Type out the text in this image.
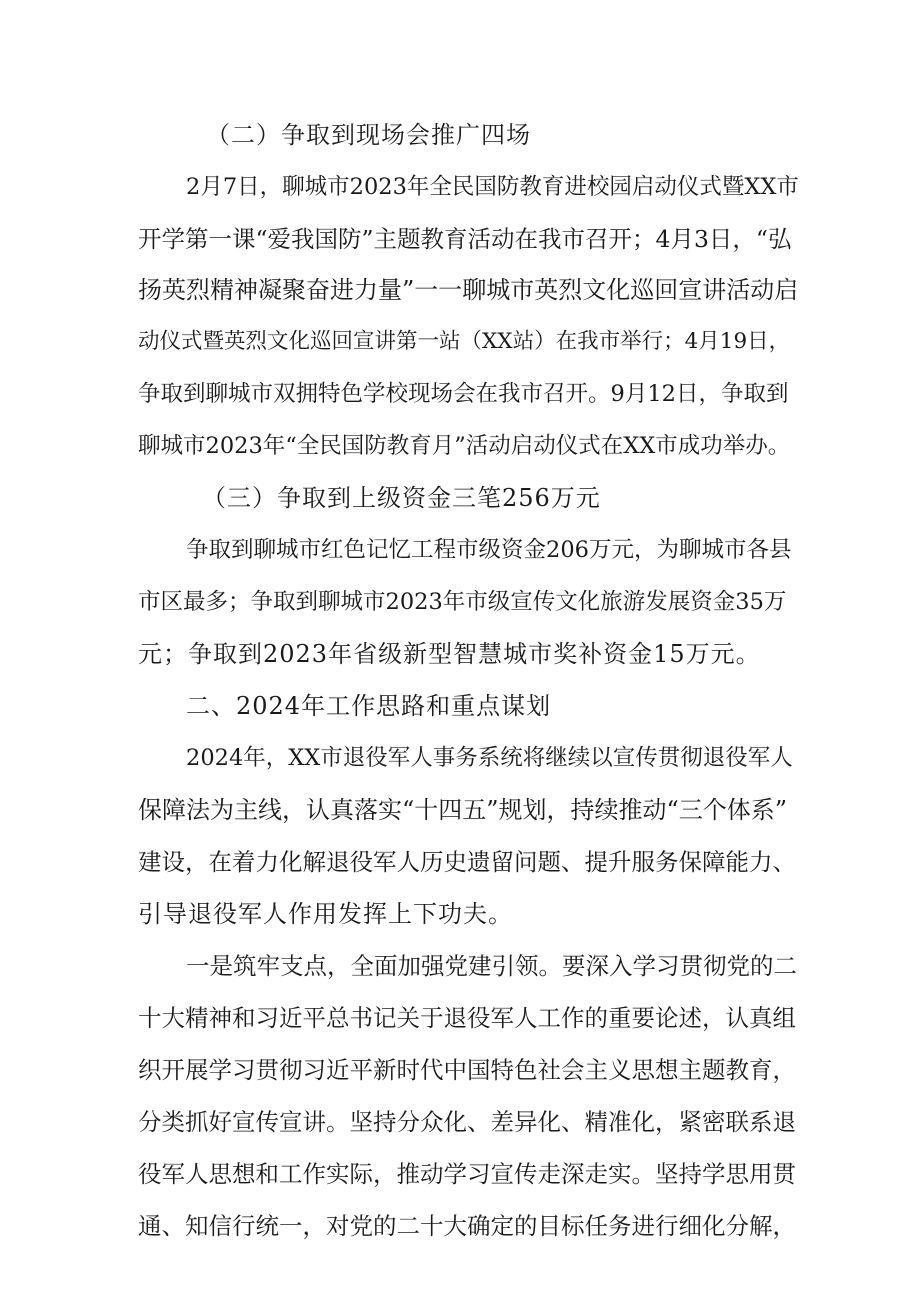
（二）争取到现场会推广四场

2月7日，聊城市2023年全民国防教育进校园启动仪式暨XX市

开学第一课“爱我国防”主题教育活动在我市召开；4月3日，“弘

扬英烈精神凝聚奋进力量”一一聊城市英烈文化巡回宣讲活动启

动仪式暨英烈文化巡回宣讲第一站（XX站）在我市举行；4月19日，

争取到聊城市双拥特色学校现场会在我市召开。9月12日，争取到

聊城市2023年“全民国防教育月”活动启动仪式在XX市成功举办。

（三）争取到上级资金三笔256万元

争取到聊城市红色记忆工程市级资金206万元，为聊城市各县

市区最多；争取到聊城市2023年市级宣传文化旅游发展资金35万

元；争取到2023年省级新型智慧城市奖补资金15万元。

二、2024年工作思路和重点谋划

2024年，XX市退役军人事务系统将继续以宣传贯彻退役军人

保障法为主线，认真落实“十四五”规划，持续推动“三个体系”

建设，在着力化解退役军人历史遗留问题、提升服务保障能力、

引导退役军人作用发挥上下功夫。

一是筑牢支点，全面加强党建引领。要深入学习贯彻党的二

十大精神和习近平总书记关于退役军人工作的重要论述，认真组

织开展学习贯彻习近平新时代中国特色社会主义思想主题教育，

分类抓好宣传宣讲。坚持分众化、差异化、精准化，紧密联系退

役军人思想和工作实际，推动学习宣传走深走实。坚持学思用贯

通、知信行统一，对党的二十大确定的目标任务进行细化分解，
